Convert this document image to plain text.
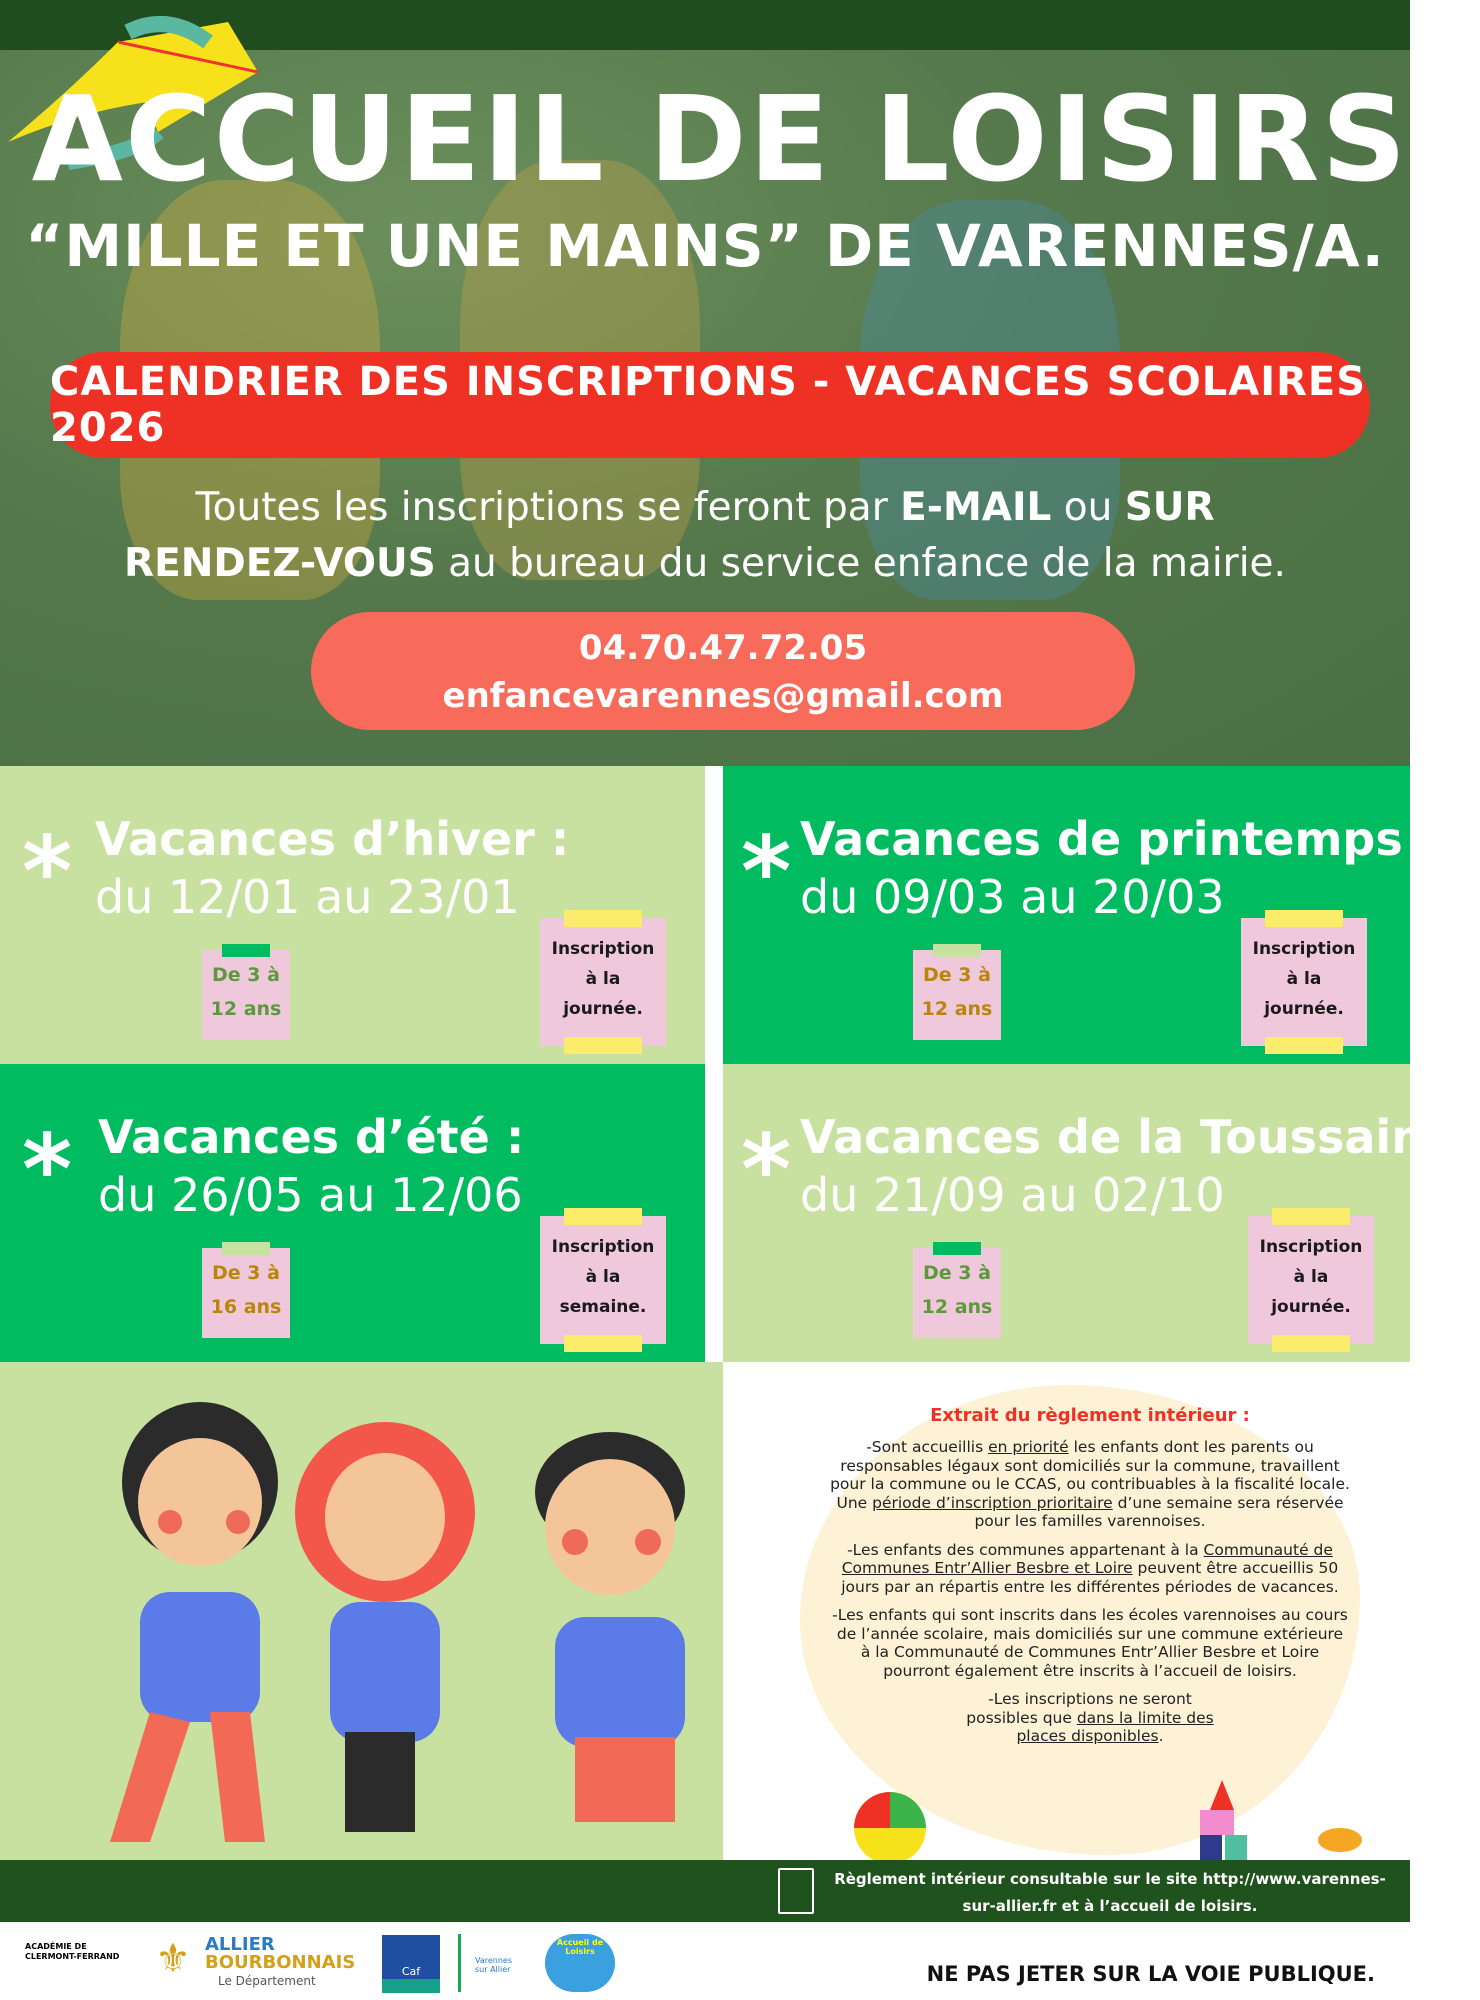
ACCUEIL DE LOISIRS
“MILLE ET UNE MAINS” DE VARENNES/A.
CALENDRIER DES INSCRIPTIONS - VACANCES SCOLAIRES 2026
Toutes les inscriptions se feront par E-MAIL ou SUR RENDEZ-VOUS au bureau du service enfance de la mairie.
04.70.47.72.05
enfancevarennes@gmail.com
* Vacances d’hiver :
du 12/01 au 23/01
De 3 à
12 ans
Inscription
à la
journée.
* Vacances de printemps :
du 09/03 au 20/03
De 3 à
12 ans
Inscription
à la
journée.
* Vacances d’été :
du 26/05 au 12/06
De 3 à
16 ans
Inscription
à la
semaine.
* Vacances de la Toussaint :
du 21/09 au 02/10
De 3 à
12 ans
Inscription
à la
journée.
Extrait du règlement intérieur :

-Sont accueillis en priorité les enfants dont les parents ou responsables légaux sont domiciliés sur la commune, travaillent pour la commune ou le CCAS, ou contribuables à la fiscalité locale. Une période d’inscription prioritaire d’une semaine sera réservée pour les familles varennoises.

-Les enfants des communes appartenant à la Communauté de Communes Entr’Allier Besbre et Loire peuvent être accueillis 50 jours par an répartis entre les différentes périodes de vacances.

-Les enfants qui sont inscrits dans les écoles varennoises au cours de l’année scolaire, mais domiciliés sur une commune extérieure à la Communauté de Communes Entr’Allier Besbre et Loire pourront également être inscrits à l’accueil de loisirs.

-Les inscriptions ne seront possibles que dans la limite des places disponibles.

Règlement intérieur consultable sur le site http://www.varennes-sur-allier.fr et à l’accueil de loisirs.
ACADÉMIE DE CLERMONT-FERRAND ⚜ ALLIER
BOURBONNAIS
Le Département
Caf
Varennes sur Allier
Accueil de Loisirs
NE PAS JETER SUR LA VOIE PUBLIQUE.
